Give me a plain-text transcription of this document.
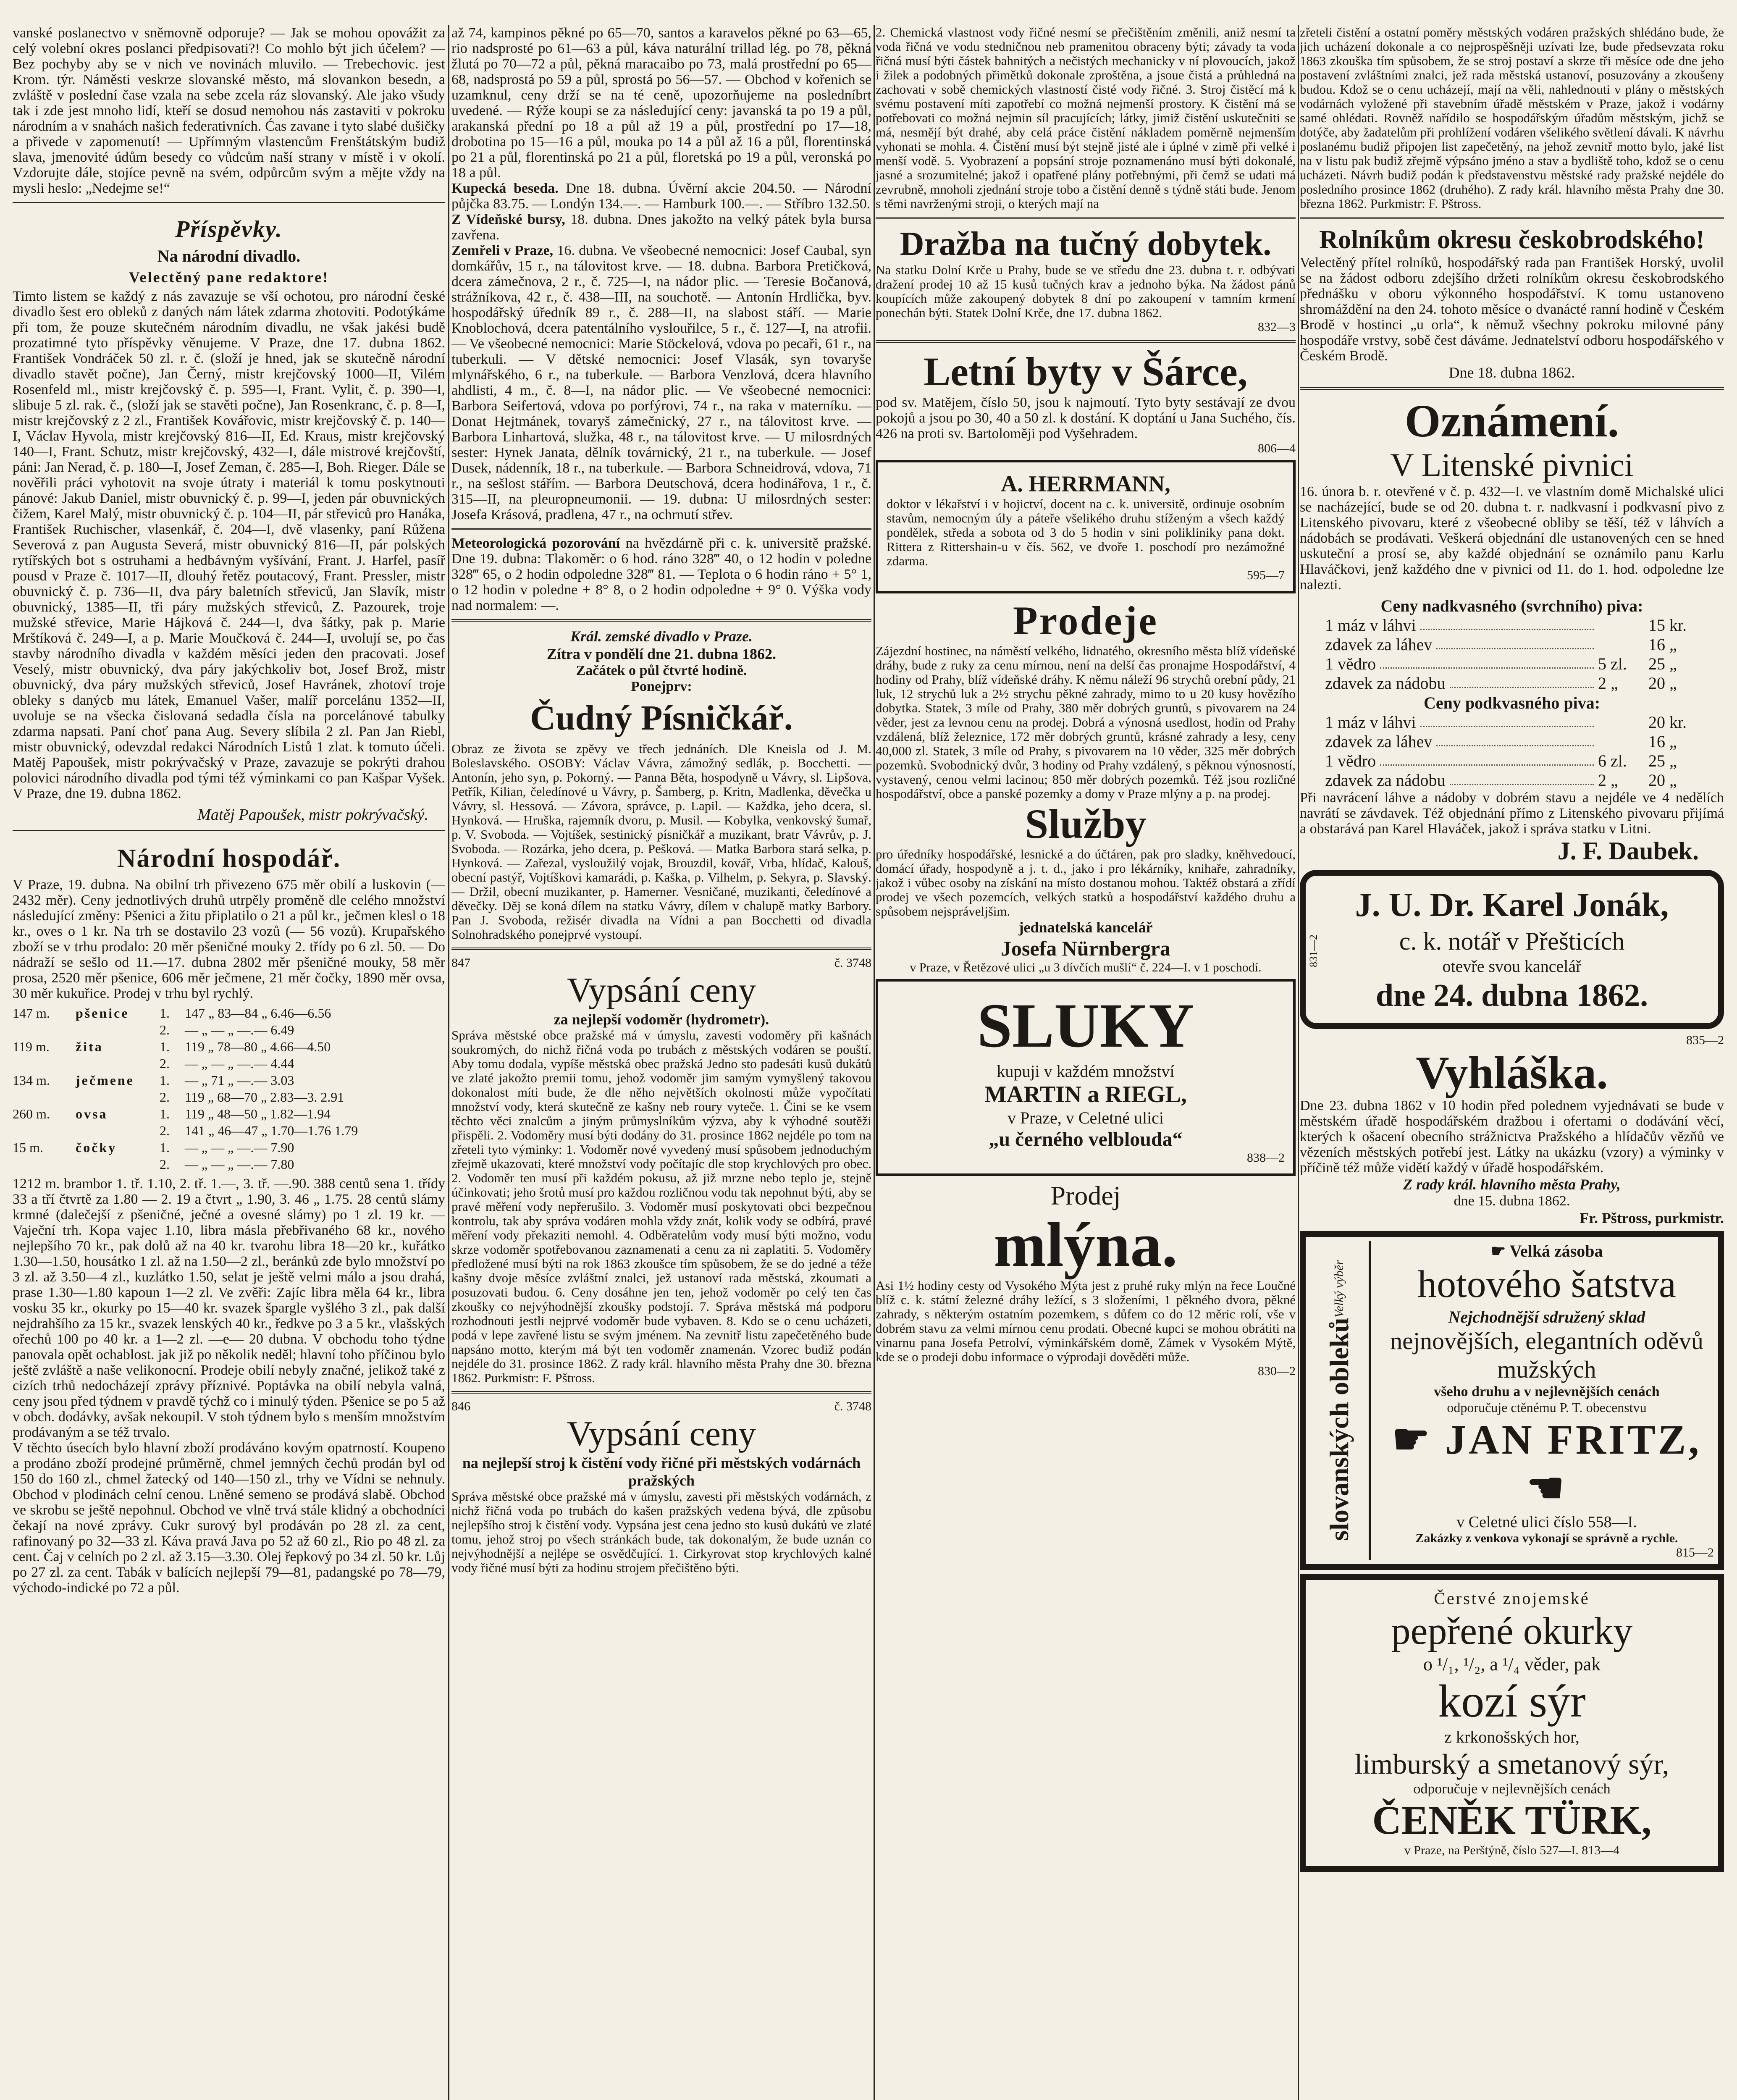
vanské poslanectvo v sněmovně odporuje? — Jak se mohou opovážit za celý volební okres poslanci předpisovati?! Co mohlo být jich účelem? — Bez pochyby aby se v nich ve novinách mluvilo. — Trebechovic. jest Krom. týr. Náměsti veskrze slovanské město, má slovankon besedn, a zvláště v poslední čase vzala na sebe zcela ráz slovanský. Ale jako všudy tak i zde jest mnoho lidí, kteří se dosud nemohou nás zastaviti v pokroku národním a v snahách našich federativních. Ćas zavane i tyto slabé dušičky a přivede v zapomenutí! — Upřímným vlastencům Frenštátským budiž slava, jmenovité údům besedy co vůdcům naší strany v místě i v okolí. Vzdorujte dále, stojíce pevně na svém, odpůrcům svým a mějte vždy na mysli heslo: „Nedejme se!“
Příspěvky.
Na národní divadlo.
Velectěný pane redaktore!
Timto listem se každý z nás zavazuje se vší ochotou, pro národní české divadlo šest ero obleků z daných nám látek zdarma zhotoviti. Podotýkáme při tom, že pouze skutečném národním divadlu, ne však jakési budě prozatimné tyto příspěvky věnujeme. V Praze, dne 17. dubna 1862. František Vondráček 50 zl. r. č. (složí je hned, jak se skutečně národní divadlo stavět počne), Jan Černý, mistr krejčovský 1000—II, Vilém Rosenfeld ml., mistr krejčovský č. p. 595—I, Frant. Vylit, č. p. 390—I, slibuje 5 zl. rak. č., (složí jak se stavěti počne), Jan Rosenkranc, č. p. 8—I, mistr krejčovský z 2 zl., František Kovářovic, mistr krejčovský č. p. 140—I, Václav Hyvola, mistr krejčovský 816—II, Ed. Kraus, mistr krejčovský 140—I, Frant. Schutz, mistr krejčovský, 432—I, dále mistrové krejčovští, páni: Jan Nerad, č. p. 180—I, Josef Zeman, č. 285—I, Boh. Rieger. Dále se nověřili práci vyhotovit na svoje útraty i materiál k tomu poskytnouti pánové: Jakub Daniel, mistr obuvnický č. p. 99—I, jeden pár obuvnických čižem, Karel Malý, mistr obuvnický č. p. 104—II, pár střeviců pro Hanáka, František Ruchischer, vlasenkář, č. 204—I, dvě vlasenky, paní Růžena Severová z pan Augusta Severá, mistr obuvnický 816—II, pár polských rytířských bot s ostruhami a hedbávným vyšívání, Frant. J. Harfel, pasíř pousd v Praze č. 1017—II, dlouhý řetěz poutacový, Frant. Pressler, mistr obuvnický č. p. 736—II, dva páry baletních střeviců, Jan Slavík, mistr obuvnický, 1385—II, tři páry mužských střeviců, Z. Pazourek, troje mužské střevice, Marie Hájková č. 244—I, dva šátky, pak p. Marie Mrštíková č. 249—I, a p. Marie Moučková č. 244—I, uvolují se, po čas stavby národního divadla v každém měsíci jeden den pracovati. Josef Veselý, mistr obuvnický, dva páry jakýchkoliv bot, Josef Brož, mistr obuvnický, dva páry mužských střeviců, Josef Havránek, zhotoví troje obleky s danýcb mu látek, Emanuel Vašer, malíř porcelánu 1352—II, uvoluje se na všecka čislovaná sedadla čísla na porcelánové tabulky zdarma napsati. Paní choť pana Aug. Severy slíbila 2 zl. Pan Jan Riebl, mistr obuvnický, odevzdal redakci Národních Listů 1 zlat. k tomuto účeli. Matěj Papoušek, mistr pokrývačský v Praze, zavazuje se pokrýti drahou polovici národního divadla pod tými též výminkami co pan Kašpar Vyšek. V Praze, dne 19. dubna 1862.
Matěj Papoušek, mistr pokrývačský.
Národní hospodář.
V Praze, 19. dubna. Na obilní trh přivezeno 675 měr obilí a luskovin (— 2432 měr). Ceny jednotlivých druhů utrpěly proměně dle celého množství následující změny: Pšenici a žitu připlatilo o 21 a půl kr., ječmen klesl o 18 kr., oves o 1 kr. Na trh se dostavilo 23 vozů (— 56 vozů). Krupařského zboží se v trhu prodalo: 20 měr pšeničné mouky 2. třídy po 6 zl. 50. — Do nádraží se sešlo od 11.—17. dubna 2802 měr pšeničné mouky, 58 měr prosa, 2520 měr pšenice, 606 měr ječmene, 21 měr čočky, 1890 měr ovsa, 30 měr kukuřice. Prodej v trhu byl rychlý.
147 m.	pšenice	1.	147 „ 83—84 „ 6.46—6.56
2.	— „ — „ —.— 6.49
119 m.	žita	1.	119 „ 78—80 „ 4.66—4.50
2.	— „ — „ —.— 4.44
134 m.	ječmene	1.	— „ 71 „ —.— 3.03
2.	119 „ 68—70 „ 2.83—3. 2.91
260 m.	ovsa	1.	119 „ 48—50 „ 1.82—1.94
2.	141 „ 46—47 „ 1.70—1.76 1.79
15 m.	čočky	1.	— „ — „ —.— 7.90
2.	— „ — „ —.— 7.80
1212 m. brambor 1. tř. 1.10, 2. tř. 1.—, 3. tř. —.90. 388 centů sena 1. třídy 33 a tří čtvrtě za 1.80 — 2. 19 a čtvrt „ 1.90, 3. 46 „ 1.75. 28 centů slámy krmné (dalečejší z pšeničné, ječné a ovesné slámy) po 1 zl. 19 kr. — Vaječní trh. Kopa vajec 1.10, libra másla přebřivaného 68 kr., nového nejlepšího 70 kr., pak dolů až na 40 kr. tvarohu libra 18—20 kr., kuřátko 1.30—1.50, housátko 1 zl. až na 1.50—2 zl., beránků zde bylo množství po 3 zl. až 3.50—4 zl., kuzlátko 1.50, selat je ještě velmi málo a jsou drahá, prase 1.30—1.80 kapoun 1—2 zl. Ve zvěři: Zajíc libra měla 64 kr., libra vosku 35 kr., okurky po 15—40 kr. svazek špargle vyšlého 3 zl., pak další nejdrahšího za 15 kr., svazek lenských 40 kr., ředkve po 3 a 5 kr., vlašských ořechů 100 po 40 kr. a 1—2 zl. —e— 20 dubna. V obchodu toho týdne panovala opět ochablost. jak již po několik neděl; hlavní toho příčinou bylo ještě zvláště a naše velikonocní. Prodeje obilí nebyly značné, jelikož také z cizích trhů nedocházejí zprávy příznivé. Poptávka na obilí nebyla valná, ceny jsou před týdnem v pravdě týchž co i minulý týden. Pšenice se po 5 až v obch. dodávky, avšak nekoupil. V stoh týdnem bylo s menším množstvím prodávaným a se též trvalo.
V těchto úsecích bylo hlavní zboží prodáváno kovým opatrností. Koupeno a prodáno zboží prodejné průměrně, chmel jemných čechů prodán byl od 150 do 160 zl., chmel žatecký od 140—150 zl., trhy ve Vídni se nehnuly. Obchod v plodinách celní cenou. Lněné semeno se prodává slabě. Obchod ve skrobu se ještě nepohnul. Obchod ve vlně trvá stále klidný a obchodníci čekají na nové zprávy. Cukr surový byl prodáván po 28 zl. za cent, rafinovaný po 32—33 zl. Káva pravá Java po 52 až 60 zl., Rio po 48 zl. za cent. Čaj v celních po 2 zl. až 3.15—3.30. Olej řepkový po 34 zl. 50 kr. Lůj po 27 zl. za cent. Tabák v balících nejlepší 79—81, padangské po 78—79, východo-indické po 72 a půl.
až 74, kampinos pěkné po 65—70, santos a karavelos pěkné po 63—65, rio nadsprosté po 61—63 a půl, káva naturální trillad lég. po 78, pěkná žlutá po 70—72 a půl, pěkná maracaibo po 73, malá prostřední po 65—68, nadsprostá po 59 a půl, sprostá po 56—57. — Obchod v kořenich se uzamknul, ceny drží se na té ceně, upozorňujeme na posledníbrt uvedené. — Rýže koupi se za následující ceny: javanská ta po 19 a půl, arakanská přední po 18 a půl až 19 a půl, prostřední po 17—18, drobotina po 15—16 a půl, mouka po 14 a půl až 16 a půl, florentinská po 21 a půl, florentinská po 21 a půl, floretská po 19 a půl, veronská po 18 a půl.
Kupecká beseda. Dne 18. dubna. Úvěrní akcie 204.50. — Národní půjčka 83.75. — Londýn 134.—. — Hamburk 100.—. — Stříbro 132.50.
Z Vídeňské bursy, 18. dubna. Dnes jakožto na velký pátek byla bursa zavřena.
Zemřeli v Praze, 16. dubna. Ve všeobecné nemocnici: Josef Caubal, syn domkářův, 15 r., na tálovitost krve. — 18. dubna. Barbora Pretičková, dcera zámečnova, 2 r., č. 725—I, na nádor plic. — Teresie Bočanová, strážníkova, 42 r., č. 438—III, na souchotě. — Antonín Hrdlička, byv. hospodářský úředník 89 r., č. 288—II, na slabost stáří. — Marie Knoblochová, dcera patentálního vyslouřilce, 5 r., č. 127—I, na atrofii. — Ve všeobecné nemocnici: Marie Stöckelová, vdova po pecaři, 61 r., na tuberkuli. — V dětské nemocnici: Josef Vlasák, syn tovaryše mlynářského, 6 r., na tuberkule. — Barbora Venzlová, dcera hlavního ahdlisti, 4 m., č. 8—I, na nádor plic. — Ve všeobecné nemocnici: Barbora Seifertová, vdova po porfýrovi, 74 r., na raka v materníku. — Donat Hejtmánek, tovaryš zámečnický, 27 r., na tálovitost krve. — Barbora Linhartová, služka, 48 r., na tálovitost krve. — U milosrdných sester: Hynek Janata, dělník továrnický, 21 r., na tuberkule. — Josef Dusek, nádenník, 18 r., na tuberkule. — Barbora Schneidrová, vdova, 71 r., na sešlost stářím. — Barbora Deutschová, dcera hodinářova, 1 r., č. 315—II, na pleuropneumonii. — 19. dubna: U milosrdných sester: Josefa Krásová, pradlena, 47 r., na ochrnutí střev.
Meteorologická pozorování na hvězdárně při c. k. universitě pražské. Dne 19. dubna: Tlakoměr: o 6 hod. ráno 328‴ 40, o 12 hodin v poledne 328‴ 65, o 2 hodin odpoledne 328‴ 81. — Teplota o 6 hodin ráno + 5° 1, o 12 hodin v poledne + 8° 8, o 2 hodin odpoledne + 9° 0. Výška vody nad normalem: —.
Král. zemské divadlo v Praze.
Zítra v pondělí dne 21. dubna 1862.
Začátek o půl čtvrté hodině.
Ponejprv:
Čudný Písničkář.
Obraz ze života se zpěvy ve třech jednáních. Dle Kneisla od J. M. Boleslavského. OSOBY: Václav Vávra, zámožný sedlák, p. Bocchetti. — Antonín, jeho syn, p. Pokorný. — Panna Běta, hospodyně u Vávry, sl. Lipšova, Petřík, Kilian, čeledínové u Vávry, p. Šamberg, p. Kritn, Madlenka, děvečka u Vávry, sl. Hessová. — Závora, správce, p. Lapil. — Každka, jeho dcera, sl. Hynková. — Hruška, rajemník dvoru, p. Musil. — Kobylka, venkovský šumař, p. V. Svoboda. — Vojtíšek, sestinický písničkář a muzikant, bratr Vávrův, p. J. Svoboda. — Rozárka, jeho dcera, p. Pešková. — Matka Barbora stará selka, p. Hynková. — Zařezal, vysloužilý vojak, Brouzdil, kovář, Vrba, hlídač, Kalouš, obecní pastýř, Vojtíškovi kamarádi, p. Kaška, p. Vilhelm, p. Sekyra, p. Slavský. — Držil, obecní muzikanter, p. Hamerner. Vesničané, muzikanti, čeledínové a děvečky. Děj se koná dílem na statku Vávry, dílem v chalupě matky Barbory. Pan J. Svoboda, režisér divadla na Vídni a pan Bocchetti od divadla Solnohradského ponejprvé vystoupí.
847	č. 3748
Vypsání ceny
za nejlepší vodoměr (hydrometr).
Správa městské obce pražské má v úmyslu, zavesti vodoměry při kašnách soukromých, do nichž řičná voda po trubách z městských vodáren se pouští. Aby tomu dodala, vypíše městská obec pražská Jedno sto padesáti kusů dukátů ve zlaté jakožto premii tomu, jehož vodoměr jim samým vymyšlený takovou dokonalost míti bude, že dle něho největších okolnosti může vypočítati množství vody, která skutečně ze kašny neb roury vyteče. 1. Čini se ke vsem těchto věci znalcům a jiným průmyslníkům výzva, aby k výhodné soutěži přispěli. 2. Vodoměry musí býti dodány do 31. prosince 1862 nejdéle po tom na zřeteli tyto výminky: 1. Vodoměr nové vyvedený musí spůsobem jednoduchým zřejmě ukazovati, které množství vody počítajíc dle stop krychlových pro obec. 2. Vodoměr ten musí při každém pokusu, až již mrzne nebo teplo je, stejně účinkovati; jeho šrotů musí pro každou rozličnou vodu tak nepohnut býti, aby se pravé měření vody nepřerušilo. 3. Vodoměr musí poskytovati obci bezpečnou kontrolu, tak aby správa vodáren mohla vždy znát, kolik vody se odbírá, pravé měření vody překaziti nemohl. 4. Odběratelům vody musí býti možno, vodu skrze vodoměr spotřebovanou zaznamenati a cenu za ni zaplatiti. 5. Vodoměry předložené musí býti na rok 1863 zkoušce tím spůsobem, že se do jedné a téže kašny dvoje měsíce zvláštní znalci, jež ustanoví rada městská, zkoumati a posuzovati budou. 6. Ceny dosáhne jen ten, jehož vodoměr po celý ten čas zkoušky co nejvýhodnější zkoušky podstojí. 7. Správa městská má podporu rozhodnouti jestli nejprvé vodoměr bude vybaven. 8. Kdo se o cenu ucházeti, podá v lepe zavřené listu se svým jménem. Na zevnitř listu zapečetěného bude napsáno motto, kterým má být ten vodoměr znamenán. Vzorec budiž podán nejdéle do 31. prosince 1862. Z rady král. hlavního města Prahy dne 30. března 1862. Purkmistr: F. Pštross.
846	č. 3748
Vypsání ceny
na nejlepší stroj k čistění vody řičné při městských vodárnách pražských
Správa městské obce pražské má v úmyslu, zavesti při městských vodárnách, z nichž řičná voda po trubách do kašen pražských vedena bývá, dle způsobu nejlepšího stroj k čistění vody. Vypsána jest cena jedno sto kusů dukátů ve zlaté tomu, jehož stroj po všech stránkách bude, tak dokonalým, že bude uznán co nejvýhodnější a nejlépe se osvědčující. 1. Cirkyrovat stop krychlových kalné vody řičné musí býti za hodinu strojem přečištěno býti.
2. Chemická vlastnost vody řičné nesmí se přečištěním změnili, aniž nesmí ta voda řičná ve vodu stedničnou neb pramenitou obraceny býti; závady ta voda řičná musí býti částek bahnitých a nečistých mechanicky v ní plovoucích, jakož i žilek a podobných přimětků dokonale zproštěna, a jsoue čistá a průhledná na zachovati v sobě chemických vlastností čisté vody řičné. 3. Stroj čistěcí má k svému postavení míti zapotřebí co možná nejmenší prostory. K čistění má se potřebovati co možná nejmin síl pracujících; látky, jimiž čistění uskutečniti se má, nesmějí být drahé, aby celá práce čistění nákladem poměrně nejmenším vyhonati se mohla. 4. Čistění musí být stejně jisté ale i úplné v zimě při velké i menší vodě. 5. Vyobrazení a popsání stroje poznamenáno musí býti dokonalé, jasné a srozumitelné; jakož i opatřené plány potřebnými, při čemž se udati má zevrubně, mnoholi zjednání stroje tobo a čistění denně s týdně státi bude. Jenom s těmi navrženými stroji, o kterých mají na
Dražba na tučný dobytek.
Na statku Dolní Krče u Prahy, bude se ve středu dne 23. dubna t. r. odbývati dražení prodej 10 až 15 kusů tučných krav a jednoho býka. Na žádost pánů koupících může zakoupený dobytek 8 dní po zakoupení v tamním krmení ponechán býti. Statek Dolní Krče, dne 17. dubna 1862.
832—3
Letní byty v Šárce,
pod sv. Matějem, číslo 50, jsou k najmoutí. Tyto byty sestávají ze dvou pokojů a jsou po 30, 40 a 50 zl. k dostání. K doptání u Jana Suchého, čís. 426 na proti sv. Bartoloměji pod Vyšehradem.
806—4
A. HERRMANN,
doktor v lékařství i v hojictví, docent na c. k. universitě, ordinuje osobním stavům, nemocným úly a páteře všelikého druhu stíženým a všech každý pondělek, středa a sobota od 3 do 5 hodin v sini polikliniky pana dokt. Rittera z Rittershain-u v čís. 562, ve dvoře 1. poschodí pro nezámožné zdarma.
595—7
Prodeje
Zájezdní hostinec, na náměstí velkého, lidnatého, okresního města blíž vídeňské dráhy, bude z ruky za cenu mírnou, není na delší čas pronajme Hospodářství, 4 hodiny od Prahy, blíž vídeňské dráhy. K němu náleží 96 strychů orební půdy, 21 luk, 12 strychů luk a 2½ strychu pěkné zahrady, mimo to u 20 kusy hovězího dobytka. Statek, 3 míle od Prahy, 380 měr dobrých gruntů, s pivovarem na 24 věder, jest za levnou cenu na prodej. Dobrá a výnosná usedlost, hodin od Prahy vzdálená, blíž železnice, 172 měr dobrých gruntů, krásné zahrady a lesy, ceny 40,000 zl. Statek, 3 míle od Prahy, s pivovarem na 10 věder, 325 měr dobrých pozemků. Svobodnický dvůr, 3 hodiny od Prahy vzdálený, s pěknou výnosností, vystavený, cenou velmi lacinou; 850 měr dobrých pozemků. Též jsou rozličné hospodářství, obce a panské pozemky a domy v Praze mlýny a p. na prodej.
Služby
pro úředníky hospodářské, lesnické a do účtáren, pak pro sladky, kněhvedoucí, domácí úřady, hospodyně a j. t. d., jako i pro lékárníky, knihaře, zahradníky, jakož i vůbec osoby na získání na místo dostanou mohou. Taktéž obstará a zřídí prodej ve všech pozemcích, velkých statků a hospodářství každého druhu a spůsobem nejspráveljšim.
jednatelská kancelář
Josefa Nürnbergra
v Praze, v Řetězové ulici „u 3 dívčích mušlí“ č. 224—I. v 1 poschodí.
SLUKY
kupuji v každém množství
MARTIN a RIEGL,
v Praze, v Celetné ulici
„u černého velblouda“
838—2
Prodej
mlýna.
Asi 1½ hodiny cesty od Vysokého Mýta jest z pruhé ruky mlýn na řece Loučné blíž c. k. státní železné dráhy ležící, s 3 složeními, 1 pěkného dvora, pěkné zahrady, s některým ostatním pozemkem, s důfem co do 12 měric rolí, vše v dobrém stavu za velmi mírnou cenu prodati. Obecné kupci se mohou obrátiti na vinarnu pana Josefa Petrolví, výminkářském domě, Zámek v Vysokém Mýtě, kde se o prodeji dobu informace o výprodaji dověděti může.
830—2
zřeteli čistění a ostatní poměry městských vodáren pražských shlédáno bude, že jich ucházení dokonale a co nejprospěšněji uzívati lze, bude předsevzata roku 1863 zkouška tím spůsobem, že se stroj postaví a skrze tři měsíce ode dne jeho postavení zvláštními znalci, jež rada městská ustanoví, posuzovány a zkoušeny budou. Kdož se o cenu ucházejí, mají na věli, nahlednouti v plány o městských vodárnách vyložené při stavebním úřadě městském v Praze, jakož i vodárny samé ohlédati. Rovněž nařídilo se hospodářským úřadům městským, jichž se dotýče, aby žadatelům při prohlížení vodáren všelikého světlení dávali. K návrhu poslanému budiž připojen list zapečetěný, na jehož zevnitř motto bylo, jaké list na v listu pak budiž zřejmě výpsáno jméno a stav a bydliště toho, kdož se o cenu ucházeti. Návrh budiž podán k představenstvu městské rady pražské nejdéle do posledního prosince 1862 (druhého). Z rady král. hlavního města Prahy dne 30. března 1862. Purkmistr: F. Pštross.
Rolníkům okresu českobrodského!
Velectěný přítel rolníků, hospodářský rada pan František Horský, uvolil se na žádost odboru zdejšího držeti rolníkům okresu českobrodského přednášku v oboru výkonného hospodářství. K tomu ustanoveno shromáždění na den 24. tohoto měsíce o dvanácté ranní hodině v Českém Brodě v hostinci „u orla“, k němuž všechny pokroku milovné pány hospodáře vrstvy, sobě čest dáváme. Jednatelství odboru hospodářského v Českém Brodě.
Dne 18. dubna 1862.
Oznámení.
V Litenské pivnici
16. února b. r. otevřené v č. p. 432—I. ve vlastním domě Michalské ulici se nacházející, bude se od 20. dubna t. r. nadkvasní i podkvasní pivo z Litenského pivovaru, které z všeobecné obliby se těší, též v láhvích a nádobách se prodávati. Veškerá objednání dle ustanovených cen se hned uskuteční a prosí se, aby každé objednání se oznámilo panu Karlu Hlaváčkovi, jenž každého dne v pivnici od 11. do 1. hod. odpoledne lze nalezti.
Ceny nadkvasného (svrchního) piva:
1 máz v láhvi	15 kr.
zdavek za láhev	16 „
1 vědro	5 zl.	25 „
zdavek za nádobu	2 „	20 „
Ceny podkvasného piva:
1 máz v láhvi	20 kr.
zdavek za láhev	16 „
1 vědro	6 zl.	25 „
zdavek za nádobu	2 „	20 „
Při navrácení láhve a nádoby v dobrém stavu a nejdéle ve 4 nedělích navrátí se závdavek. Též objednání přímo z Litenského pivovaru přijímá a obstarává pan Karel Hlaváček, jakož i správa statku v Litni.
J. F. Daubek.
J. U. Dr. Karel Jonák,
c. k. notář v Přešticích
otevře svou kancelář
dne 24. dubna 1862.
831—2
835—2
Vyhláška.
Dne 23. dubna 1862 v 10 hodin před polednem vyjednávati se bude v městském úřadě hospodářském dražbou i ofertami o dodávání věcí, kterých k ošacení obecního strážnictva Pražského a hlídačův vězňů ve vězeních městských potřebí jest. Látky na ukázku (vzory) a výminky v příčině též může vidětí každý v úřadě hospodářském.
Z rady král. hlavního města Prahy,
dne 15. dubna 1862.
Fr. Pštross, purkmistr.
Velký výběr
slovanských obleků
☛ Velká zásoba
hotového šatstva
Nejchodnější sdružený sklad
nejnovějších, elegantních oděvů
mužských
všeho druhu a v nejlevnějších cenách
odporučuje ctěnému P. T. obecenstvu
☛ JAN FRITZ, ☚
v Celetné ulici číslo 558—I.
Zakázky z venkova vykonají se správně a rychle.
815—2
Čerstvé znojemské
pepřené okurky
o ¹/₁, ¹/₂, a ¹/₄ věder, pak
kozí sýr
z krkonošských hor,
limburský a smetanový sýr,
odporučuje v nejlevnějších cenách
ČENĚK TÜRK,
v Praze, na Perštýně, číslo 527—I. 813—4
